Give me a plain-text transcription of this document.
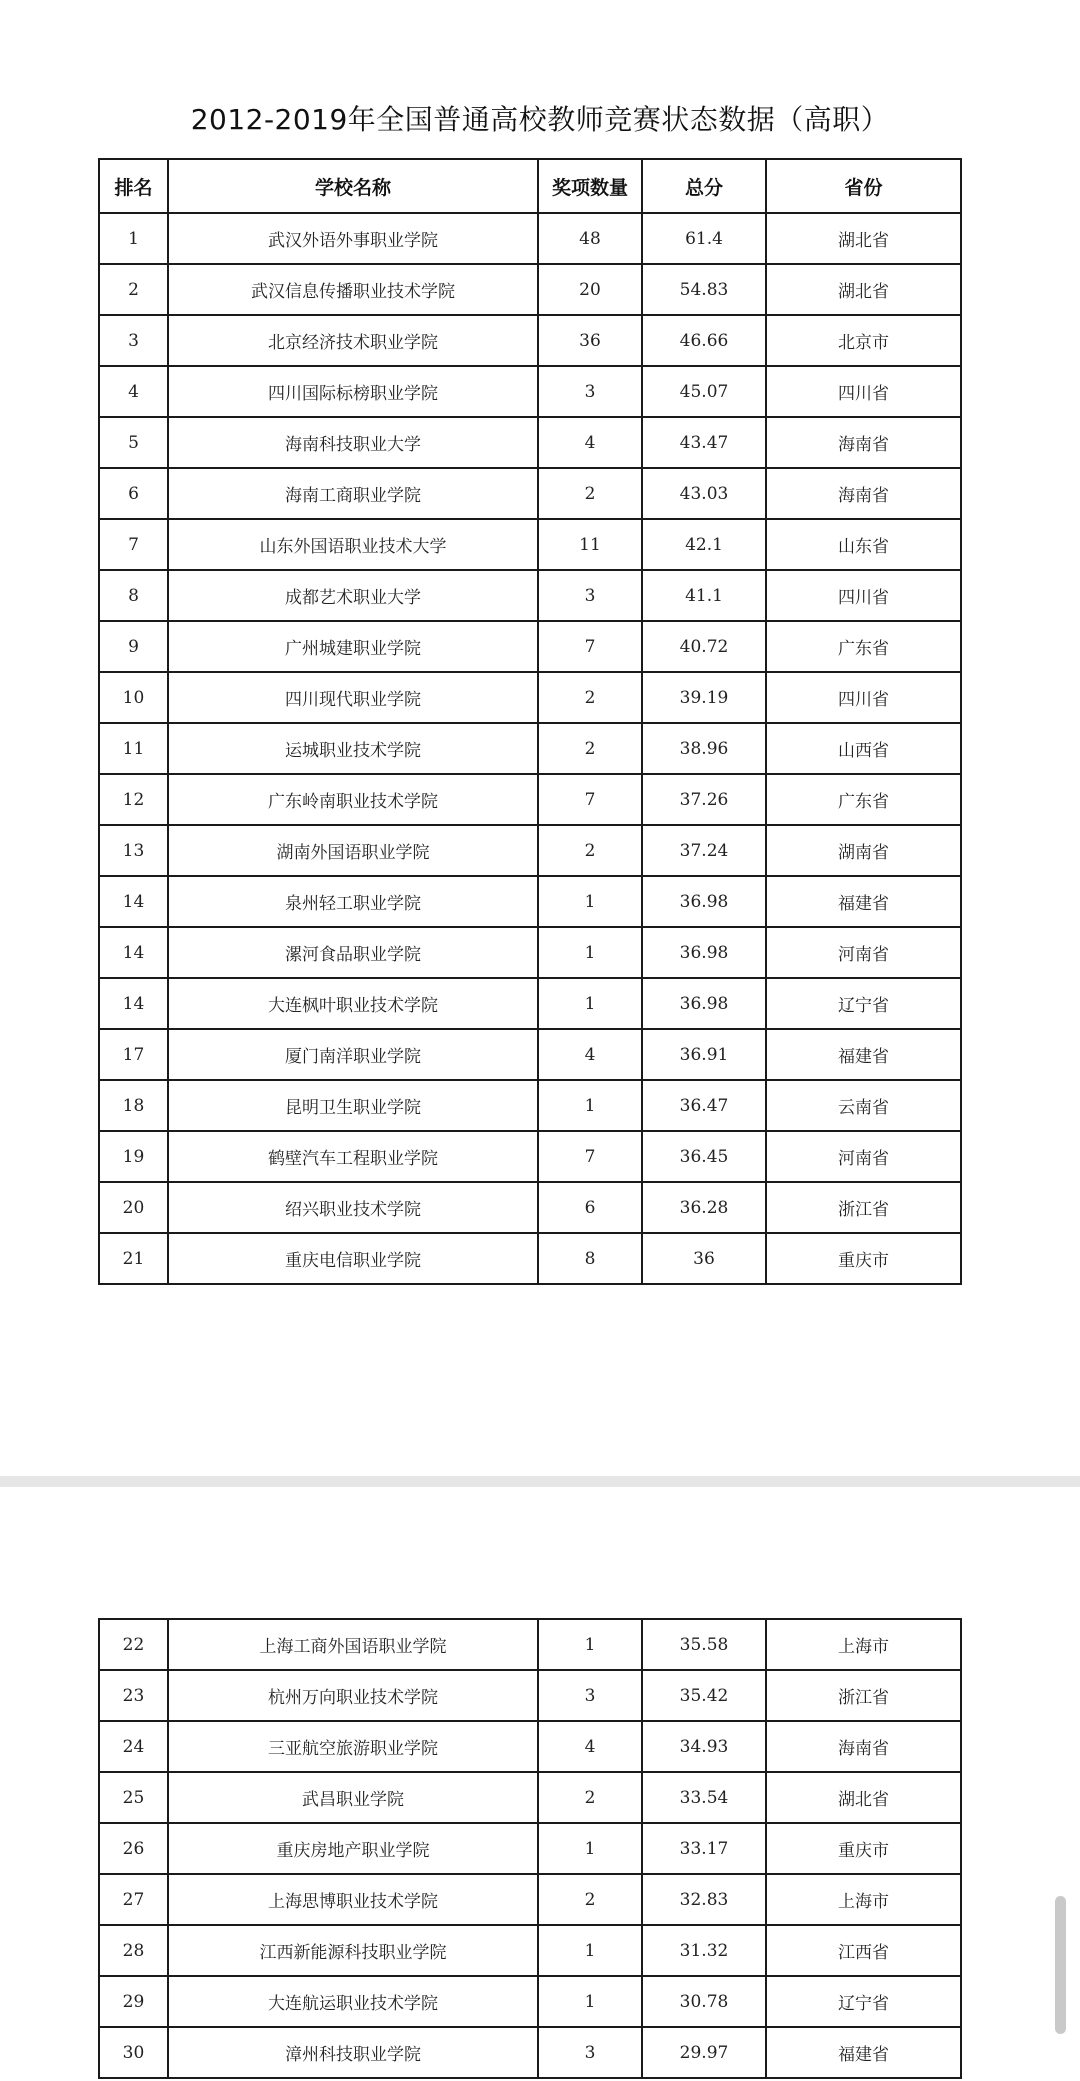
2012-2019年全国普通高校教师竞赛状态数据（高职）
排名	学校名称	奖项数量	总分	省份
1	武汉外语外事职业学院	48	61.4	湖北省
2	武汉信息传播职业技术学院	20	54.83	湖北省
3	北京经济技术职业学院	36	46.66	北京市
4	四川国际标榜职业学院	3	45.07	四川省
5	海南科技职业大学	4	43.47	海南省
6	海南工商职业学院	2	43.03	海南省
7	山东外国语职业技术大学	11	42.1	山东省
8	成都艺术职业大学	3	41.1	四川省
9	广州城建职业学院	7	40.72	广东省
10	四川现代职业学院	2	39.19	四川省
11	运城职业技术学院	2	38.96	山西省
12	广东岭南职业技术学院	7	37.26	广东省
13	湖南外国语职业学院	2	37.24	湖南省
14	泉州轻工职业学院	1	36.98	福建省
14	漯河食品职业学院	1	36.98	河南省
14	大连枫叶职业技术学院	1	36.98	辽宁省
17	厦门南洋职业学院	4	36.91	福建省
18	昆明卫生职业学院	1	36.47	云南省
19	鹤壁汽车工程职业学院	7	36.45	河南省
20	绍兴职业技术学院	6	36.28	浙江省
21	重庆电信职业学院	8	36	重庆市
22	上海工商外国语职业学院	1	35.58	上海市
23	杭州万向职业技术学院	3	35.42	浙江省
24	三亚航空旅游职业学院	4	34.93	海南省
25	武昌职业学院	2	33.54	湖北省
26	重庆房地产职业学院	1	33.17	重庆市
27	上海思博职业技术学院	2	32.83	上海市
28	江西新能源科技职业学院	1	31.32	江西省
29	大连航运职业技术学院	1	30.78	辽宁省
30	漳州科技职业学院	3	29.97	福建省
